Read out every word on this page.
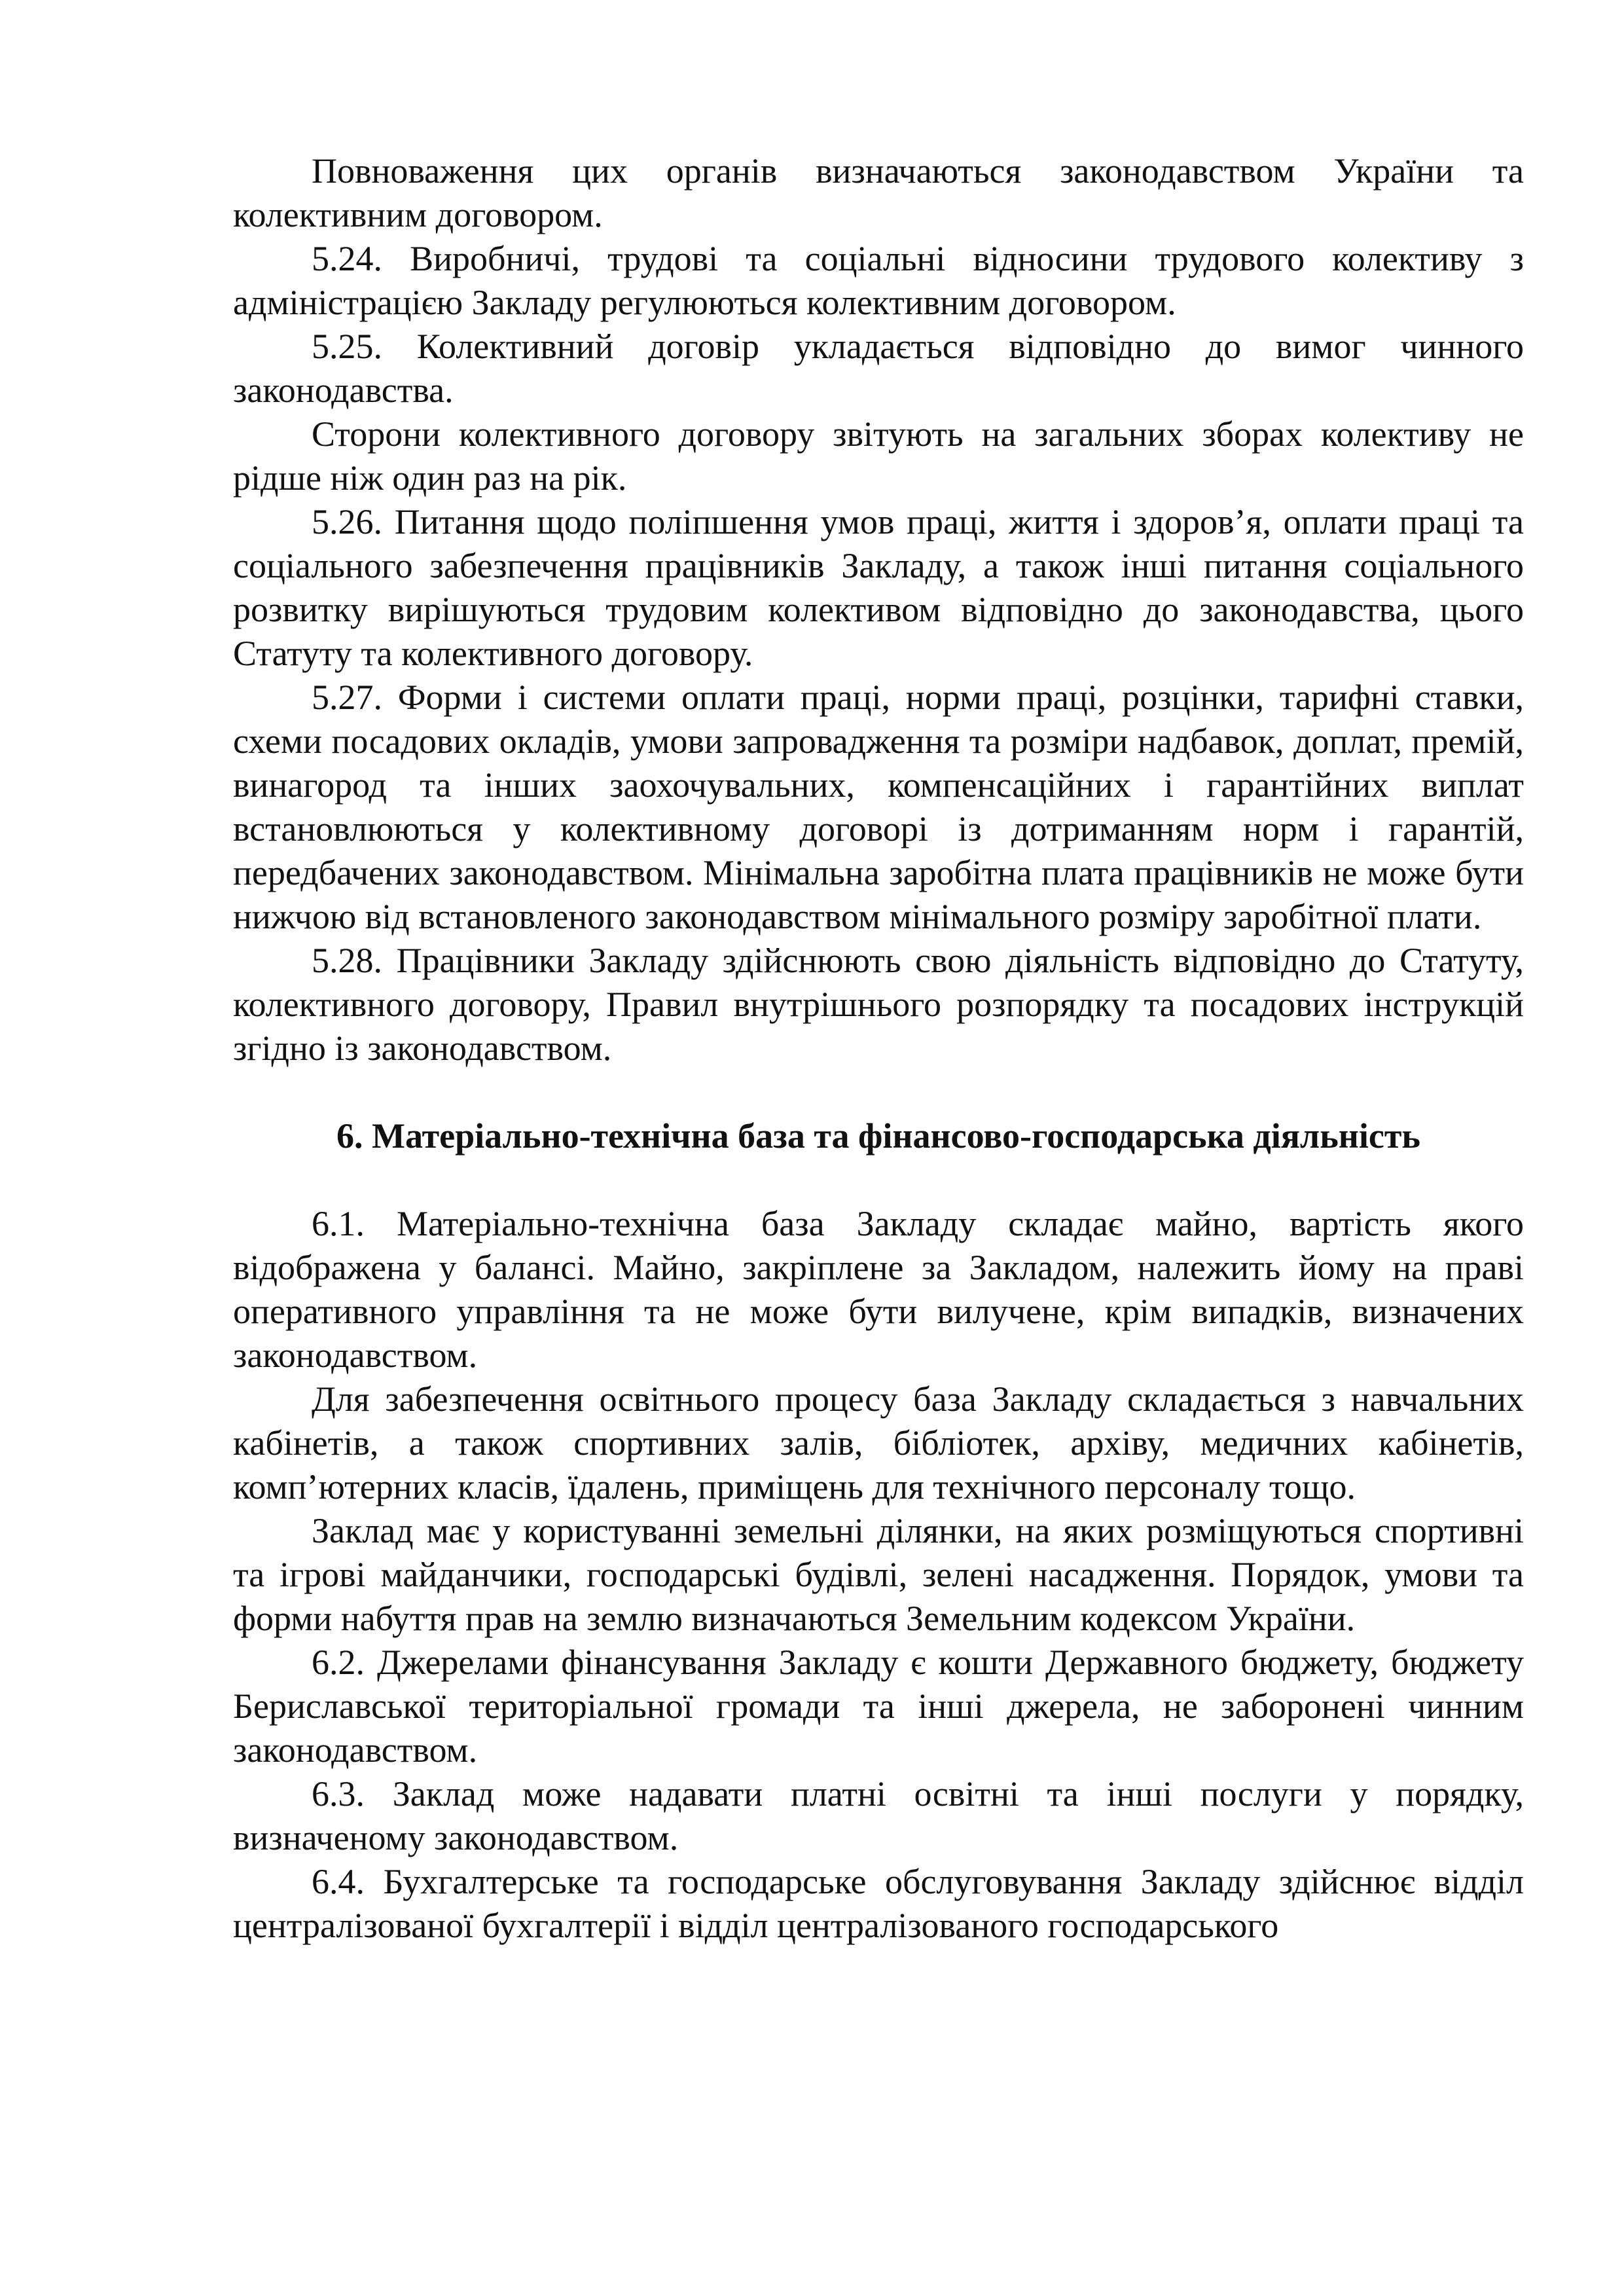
Повноваження цих органів визначаються законодавством України та колективним договором.

5.24. Виробничі, трудові та соціальні відносини трудового колективу з адміністрацією Закладу регулюються колективним договором.

5.25. Колективний договір укладається відповідно до вимог чинного законодавства.

Сторони колективного договору звітують на загальних зборах колективу не рідше ніж один раз на рік.

5.26. Питання щодо поліпшення умов праці, життя і здоров’я, оплати праці та соціального забезпечення працівників Закладу, а також інші питання соціального розвитку вирішуються трудовим колективом відповідно до законодавства, цього Статуту та колективного договору.

5.27. Форми і системи оплати праці, норми праці, розцінки, тарифні ставки, схеми посадових окладів, умови запровадження та розміри надбавок, доплат, премій, винагород та інших заохочувальних, компенсаційних і гарантійних виплат встановлюються у колективному договорі із дотриманням норм і гарантій, передбачених законодавством. Мінімальна заробітна плата працівників не може бути нижчою від встановленого законодавством мінімального розміру заробітної плати.

5.28. Працівники Закладу здійснюють свою діяльність відповідно до Статуту, колективного договору, Правил внутрішнього розпорядку та посадових інструкцій згідно із законодавством.

6. Матеріально-технічна база та фінансово-господарська діяльність

6.1. Матеріально-технічна база Закладу складає майно, вартість якого відображена у балансі. Майно, закріплене за Закладом, належить йому на праві оперативного управління та не може бути вилучене, крім випадків, визначених законодавством.

Для забезпечення освітнього процесу база Закладу складається з навчальних кабінетів, а також спортивних залів, бібліотек, архіву, медичних кабінетів, комп’ютерних класів, їдалень, приміщень для технічного персоналу тощо.

Заклад має у користуванні земельні ділянки, на яких розміщуються спортивні та ігрові майданчики, господарські будівлі, зелені насадження. Порядок, умови та форми набуття прав на землю визначаються Земельним кодексом України.

6.2. Джерелами фінансування Закладу є кошти Державного бюджету, бюджету Бериславської територіальної громади та інші джерела, не заборонені чинним законодавством.

6.3. Заклад може надавати платні освітні та інші послуги у порядку, визначеному законодавством.

6.4. Бухгалтерське та господарське обслуговування Закладу здійснює відділ централізованої бухгалтерії і відділ централізованого господарського
